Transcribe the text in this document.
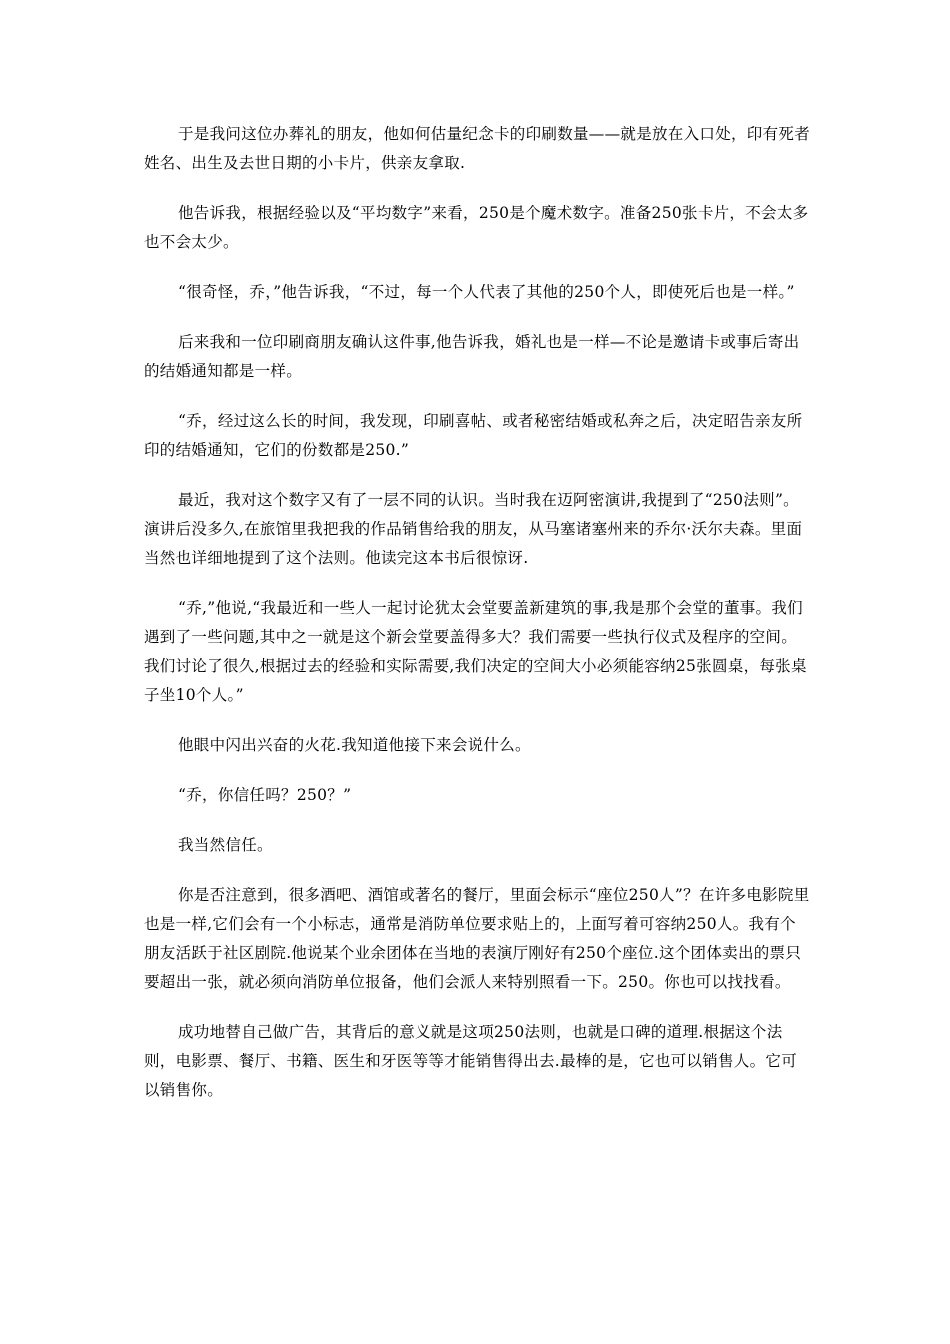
于是我问这位办葬礼的朋友，他如何估量纪念卡的印刷数量——就是放在入口处，印有死者姓名、出生及去世日期的小卡片，供亲友拿取.

他告诉我，根据经验以及“平均数字”来看，250是个魔术数字。准备250张卡片，不会太多也不会太少。

“很奇怪，乔，”他告诉我，“不过，每一个人代表了其他的250个人，即使死后也是一样。”

后来我和一位印刷商朋友确认这件事,他告诉我，婚礼也是一样—不论是邀请卡或事后寄出的结婚通知都是一样。

“乔，经过这么长的时间，我发现，印刷喜帖、或者秘密结婚或私奔之后，决定昭告亲友所印的结婚通知，它们的份数都是250.”

最近，我对这个数字又有了一层不同的认识。当时我在迈阿密演讲,我提到了“250法则”。演讲后没多久,在旅馆里我把我的作品销售给我的朋友，从马塞诸塞州来的乔尔·沃尔夫森。里面当然也详细地提到了这个法则。他读完这本书后很惊讶.

“乔,”他说,“我最近和一些人一起讨论犹太会堂要盖新建筑的事,我是那个会堂的董事。我们遇到了一些问题,其中之一就是这个新会堂要盖得多大？我们需要一些执行仪式及程序的空间。我们讨论了很久,根据过去的经验和实际需要,我们决定的空间大小必须能容纳25张圆桌，每张桌子坐10个人。”

他眼中闪出兴奋的火花.我知道他接下来会说什么。

“乔，你信任吗？250？”

我当然信任。

你是否注意到，很多酒吧、酒馆或著名的餐厅，里面会标示“座位250人”？在许多电影院里也是一样,它们会有一个小标志，通常是消防单位要求贴上的，上面写着可容纳250人。我有个朋友活跃于社区剧院.他说某个业余团体在当地的表演厅刚好有250个座位.这个团体卖出的票只要超出一张，就必须向消防单位报备，他们会派人来特别照看一下。250。你也可以找找看。

成功地替自己做广告，其背后的意义就是这项250法则，也就是口碑的道理.根据这个法则，电影票、餐厅、书籍、医生和牙医等等才能销售得出去.最棒的是，它也可以销售人。它可以销售你。
